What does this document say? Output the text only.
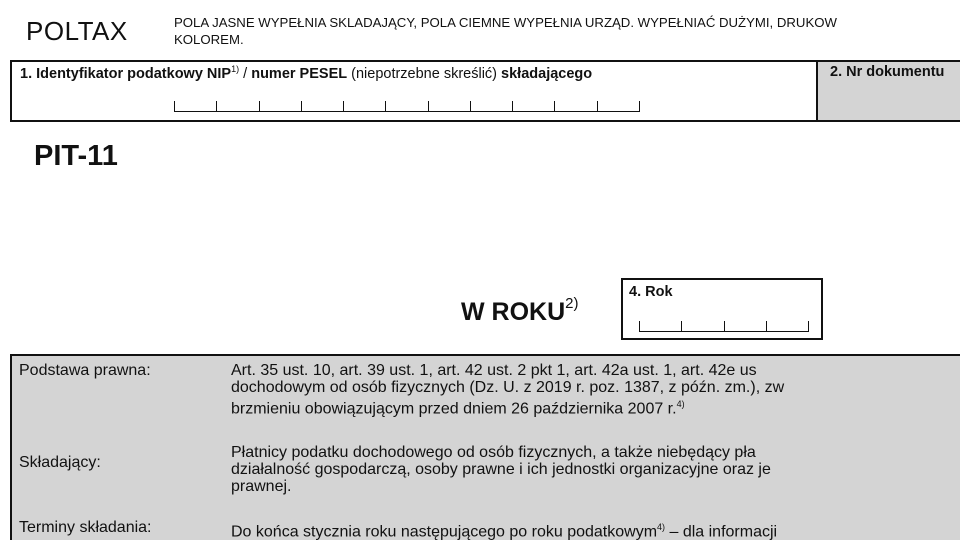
POLTAX	POLA JASNE WYPEŁNIA SKLADAJĄCY, POLA CIEMNE WYPEŁNIA URZĄD. WYPEŁNIAĆ DUŻYMI, DRUKOW
KOLOREM.
1. Identyfikator podatkowy NIP$^{1)}$ / numer PESEL (niepotrzebne skreślić) składającego	2. Nr dokumentu
PIT-11
W ROKU$^{2)}$
4. Rok
Podstawa prawna:	Art. 35 ust. 10, art. 39 ust. 1, art. 42 ust. 2 pkt 1, art. 42a ust. 1, art. 42e us
dochodowym od osób fizycznych (Dz. U. z 2019 r. poz. 1387, z późn. zm.), zw
brzmieniu obowiązującym przed dniem 26 października 2007 r.$^{4)}$
Składający:
Płatnicy podatku dochodowego od osób fizycznych, a także niebędący pła
działalność gospodarczą, osoby prawne i ich jednostki organizacyjne oraz je
prawnej.
Terminy składania:	Do końca stycznia roku następującego po roku podatkowym$^{4)}$ – dla informacji
